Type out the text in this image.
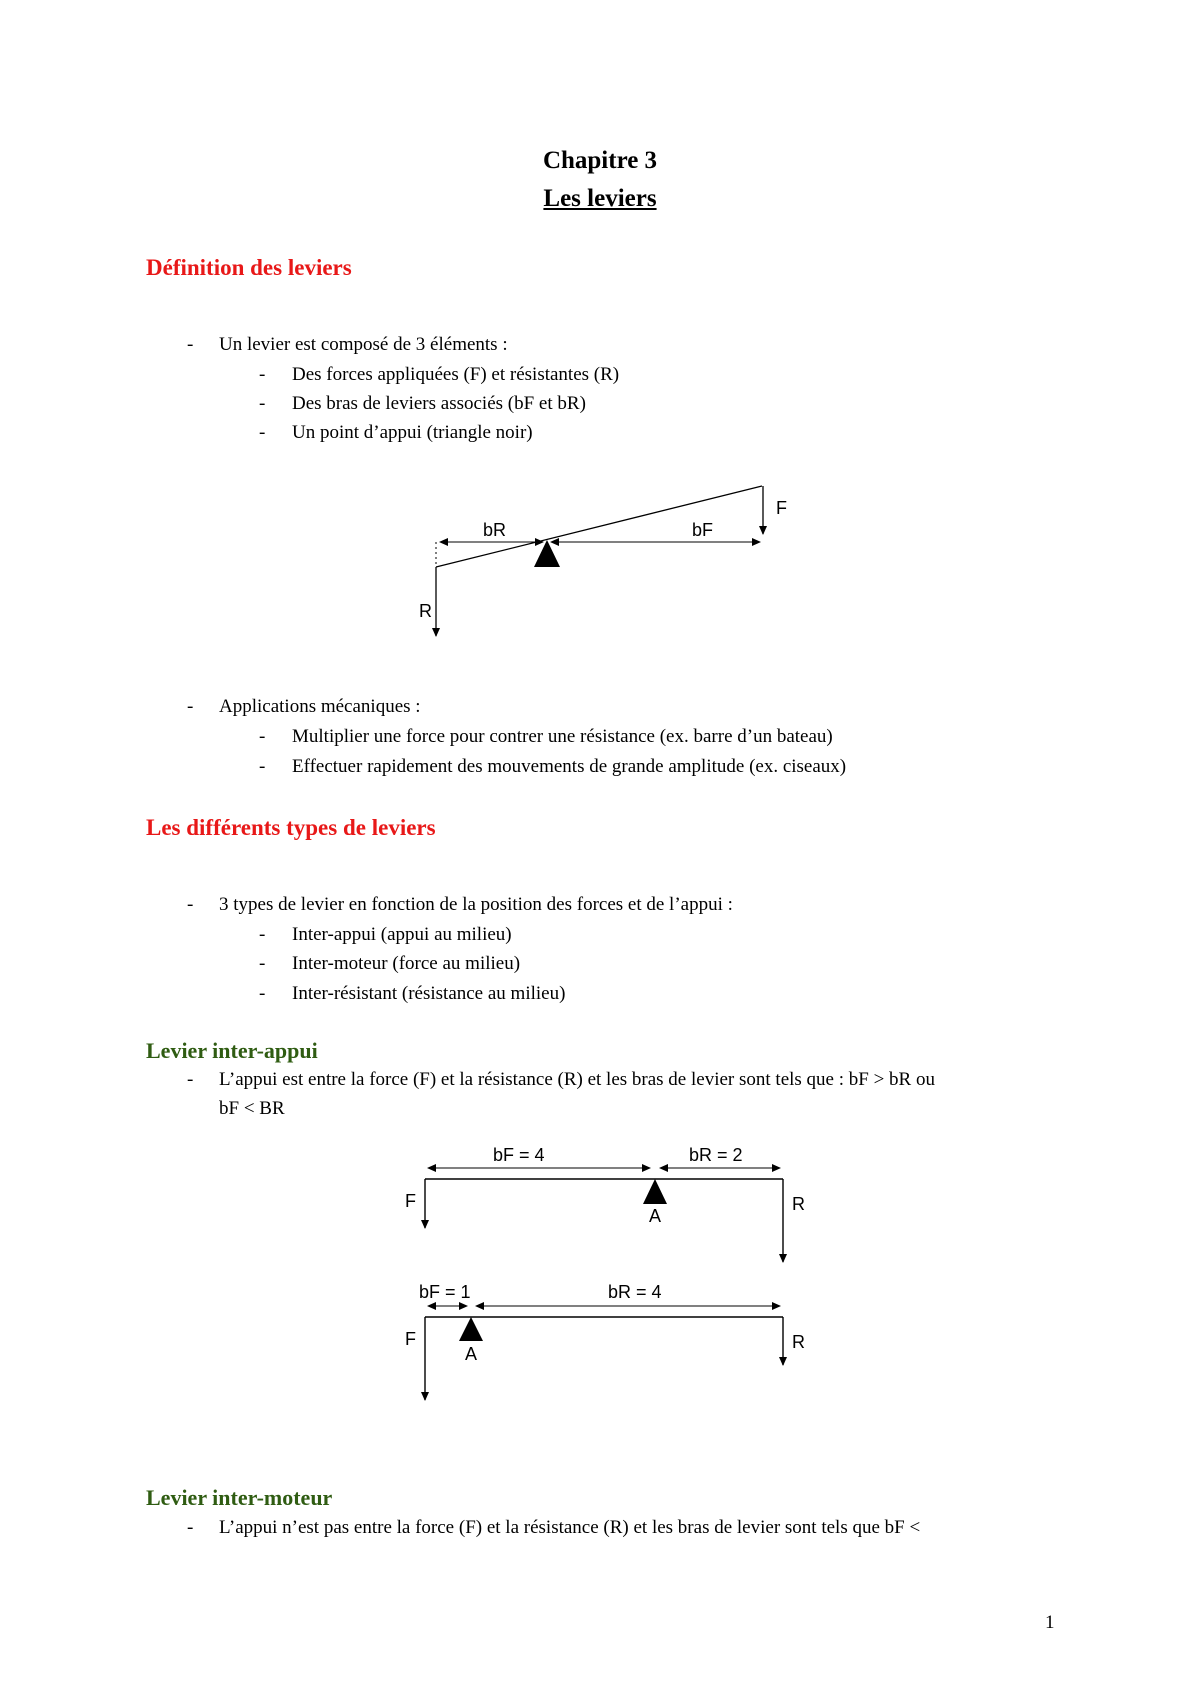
Chapitre 3
Les leviers
Définition des leviers
- Un levier est composé de 3 éléments :
- Des forces appliquées (F) et résistantes (R)
- Des bras de leviers associés (bF et bR)
- Un point d’appui (triangle noir)
bR	bF
F
R
- Applications mécaniques :
- Multiplier une force pour contrer une résistance (ex. barre d’un bateau)
- Effectuer rapidement des mouvements de grande amplitude (ex. ciseaux)
Les différents types de leviers
- 3 types de levier en fonction de la position des forces et de l’appui :
- Inter-appui (appui au milieu)
- Inter-moteur (force au milieu)
- Inter-résistant (résistance au milieu)
Levier inter-appui
- L’appui est entre la force (F) et la résistance (R) et les bras de levier sont tels que : bF > bR ou
bF < BR
bF = 4	bR = 2
F
A
R
bF = 1	bR = 4
F
A
R
Levier inter-moteur
- L’appui n’est pas entre la force (F) et la résistance (R) et les bras de levier sont tels que bF <
1
